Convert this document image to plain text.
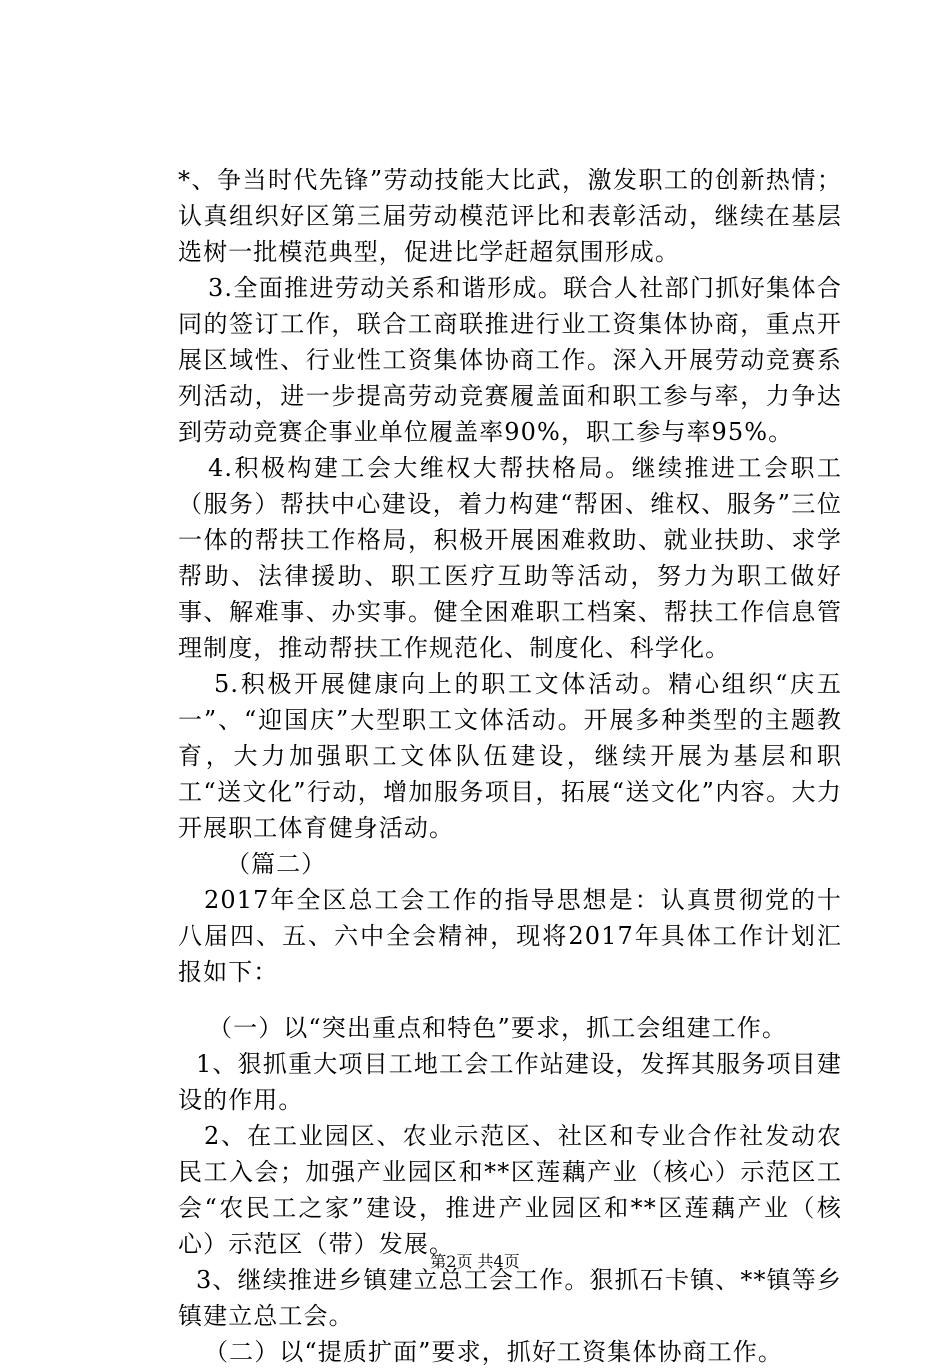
*、争当时代先锋”劳动技能大比武，激发职工的创新热情；认真组织好区第三届劳动模范评比和表彰活动，继续在基层选树一批模范典型，促进比学赶超氛围形成。

3.全面推进劳动关系和谐形成。联合人社部门抓好集体合同的签订工作，联合工商联推进行业工资集体协商，重点开展区域性、行业性工资集体协商工作。深入开展劳动竞赛系列活动，进一步提高劳动竞赛履盖面和职工参与率，力争达到劳动竞赛企事业单位履盖率90%，职工参与率95%。

4.积极构建工会大维权大帮扶格局。继续推进工会职工（服务）帮扶中心建设，着力构建“帮困、维权、服务”三位一体的帮扶工作格局，积极开展困难救助、就业扶助、求学帮助、法律援助、职工医疗互助等活动，努力为职工做好事、解难事、办实事。健全困难职工档案、帮扶工作信息管理制度，推动帮扶工作规范化、制度化、科学化。

5.积极开展健康向上的职工文体活动。精心组织“庆五一”、“迎国庆”大型职工文体活动。开展多种类型的主题教育，大力加强职工文体队伍建设，继续开展为基层和职工“送文化”行动，增加服务项目，拓展“送文化”内容。大力开展职工体育健身活动。

（篇二）

2017年全区总工会工作的指导思想是：认真贯彻党的十八届四、五、六中全会精神，现将2017年具体工作计划汇报如下：

（一）以“突出重点和特色”要求，抓工会组建工作。

1、狠抓重大项目工地工会工作站建设，发挥其服务项目建设的作用。

2、在工业园区、农业示范区、社区和专业合作社发动农民工入会；加强产业园区和**区莲藕产业（核心）示范区工会“农民工之家”建设，推进产业园区和**区莲藕产业（核心）示范区（带）发展。

3、继续推进乡镇建立总工会工作。狠抓石卡镇、**镇等乡镇建立总工会。

（二）以“提质扩面”要求，抓好工资集体协商工作。

第2页 共4页
